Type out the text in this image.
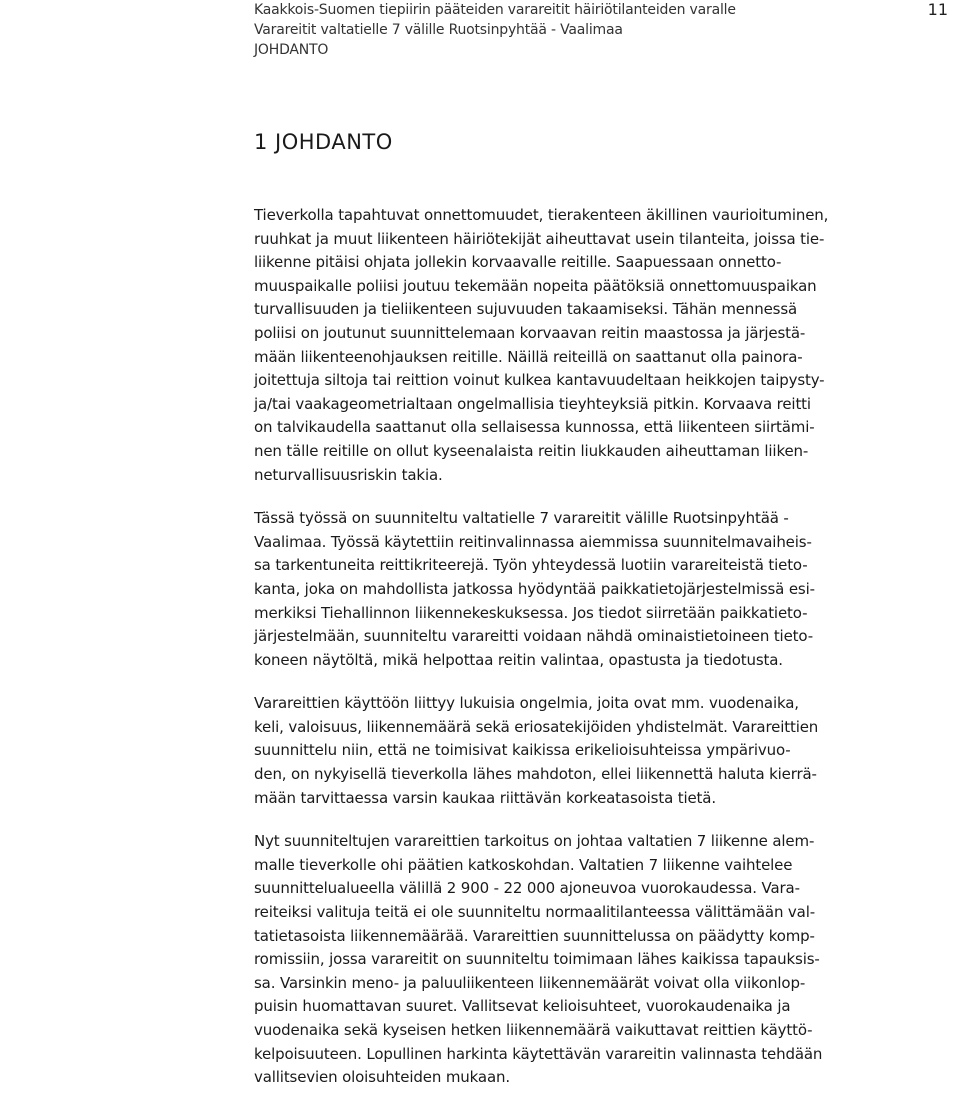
Kaakkois-Suomen tiepiirin pääteiden varareitit häiriötilanteiden varalle
Varareitit valtatielle 7 välille Ruotsinpyhtää - Vaalimaa
JOHDANTO
11
1 JOHDANTO

Tieverkolla tapahtuvat onnettomuudet, tierakenteen äkillinen vaurioituminen,
ruuhkat ja muut liikenteen häiriötekijät aiheuttavat usein tilanteita, joissa tie-
liikenne pitäisi ohjata jollekin korvaavalle reitille. Saapuessaan onnetto-
muuspaikalle poliisi joutuu tekemään nopeita päätöksiä onnettomuuspaikan
turvallisuuden ja tieliikenteen sujuvuuden takaamiseksi. Tähän mennessä
poliisi on joutunut suunnittelemaan korvaavan reitin maastossa ja järjestä-
mään liikenteenohjauksen reitille. Näillä reiteillä on saattanut olla painora-
joitettuja siltoja tai reittion voinut kulkea kantavuudeltaan heikkojen taipysty-
ja/tai vaakageometrialtaan ongelmallisia tieyhteyksiä pitkin. Korvaava reitti
on talvikaudella saattanut olla sellaisessa kunnossa, että liikenteen siirtämi-
nen tälle reitille on ollut kyseenalaista reitin liukkauden aiheuttaman liiken-
neturvallisuusriskin takia.

Tässä työssä on suunniteltu valtatielle 7 varareitit välille Ruotsinpyhtää -
Vaalimaa. Työssä käytettiin reitinvalinnassa aiemmissa suunnitelmavaiheis-
sa tarkentuneita reittikriteerejä. Työn yhteydessä luotiin varareiteistä tieto-
kanta, joka on mahdollista jatkossa hyödyntää paikkatietojärjestelmissä esi-
merkiksi Tiehallinnon liikennekeskuksessa. Jos tiedot siirretään paikkatieto-
järjestelmään, suunniteltu varareitti voidaan nähdä ominaistietoineen tieto-
koneen näytöltä, mikä helpottaa reitin valintaa, opastusta ja tiedotusta.

Varareittien käyttöön liittyy lukuisia ongelmia, joita ovat mm. vuodenaika,
keli, valoisuus, liikennemäärä sekä eriosatekijöiden yhdistelmät. Varareittien
suunnittelu niin, että ne toimisivat kaikissa erikelioisuhteissa ympärivuo-
den, on nykyisellä tieverkolla lähes mahdoton, ellei liikennettä haluta kierrä-
mään tarvittaessa varsin kaukaa riittävän korkeatasoista tietä.

Nyt suunniteltujen varareittien tarkoitus on johtaa valtatien 7 liikenne alem-
malle tieverkolle ohi päätien katkoskohdan. Valtatien 7 liikenne vaihtelee
suunnittelualueella välillä 2 900 - 22 000 ajoneuvoa vuorokaudessa. Vara-
reiteiksi valituja teitä ei ole suunniteltu normaalitilanteessa välittämään val-
tatietasoista liikennemäärää. Varareittien suunnittelussa on päädytty komp-
romissiin, jossa varareitit on suunniteltu toimimaan lähes kaikissa tapauksis-
sa. Varsinkin meno- ja paluuliikenteen liikennemäärät voivat olla viikonlop-
puisin huomattavan suuret. Vallitsevat kelioisuhteet, vuorokaudenaika ja
vuodenaika sekä kyseisen hetken liikennemäärä vaikuttavat reittien käyttö-
kelpoisuuteen. Lopullinen harkinta käytettävän varareitin valinnasta tehdään
vallitsevien oloisuhteiden mukaan.
